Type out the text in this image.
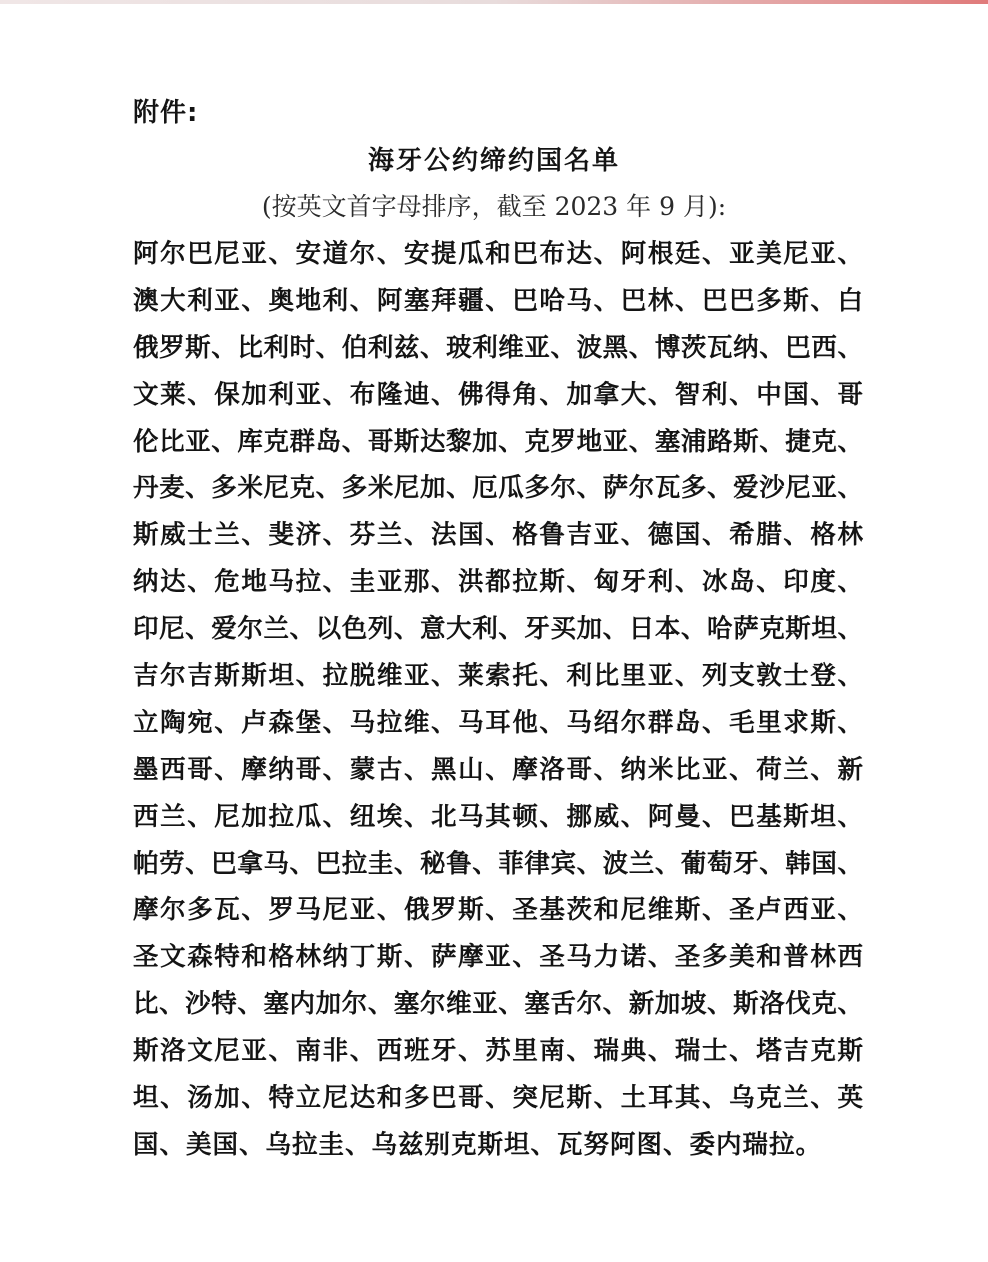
附件:
海牙公约缔约国名单
(按英文首字母排序，截至 2023 年 9 月):
阿尔巴尼亚、安道尔、安提瓜和巴布达、阿根廷、亚美尼亚、
澳大利亚、奥地利、阿塞拜疆、巴哈马、巴林、巴巴多斯、白
俄罗斯、比利时、伯利兹、玻利维亚、波黑、博茨瓦纳、巴西、
文莱、保加利亚、布隆迪、佛得角、加拿大、智利、中国、哥
伦比亚、库克群岛、哥斯达黎加、克罗地亚、塞浦路斯、捷克、
丹麦、多米尼克、多米尼加、厄瓜多尔、萨尔瓦多、爱沙尼亚、
斯威士兰、斐济、芬兰、法国、格鲁吉亚、德国、希腊、格林
纳达、危地马拉、圭亚那、洪都拉斯、匈牙利、冰岛、印度、
印尼、爱尔兰、以色列、意大利、牙买加、日本、哈萨克斯坦、
吉尔吉斯斯坦、拉脱维亚、莱索托、利比里亚、列支敦士登、
立陶宛、卢森堡、马拉维、马耳他、马绍尔群岛、毛里求斯、
墨西哥、摩纳哥、蒙古、黑山、摩洛哥、纳米比亚、荷兰、新
西兰、尼加拉瓜、纽埃、北马其顿、挪威、阿曼、巴基斯坦、
帕劳、巴拿马、巴拉圭、秘鲁、菲律宾、波兰、葡萄牙、韩国、
摩尔多瓦、罗马尼亚、俄罗斯、圣基茨和尼维斯、圣卢西亚、
圣文森特和格林纳丁斯、萨摩亚、圣马力诺、圣多美和普林西
比、沙特、塞内加尔、塞尔维亚、塞舌尔、新加坡、斯洛伐克、
斯洛文尼亚、南非、西班牙、苏里南、瑞典、瑞士、塔吉克斯
坦、汤加、特立尼达和多巴哥、突尼斯、土耳其、乌克兰、英
国、美国、乌拉圭、乌兹别克斯坦、瓦努阿图、委内瑞拉。
